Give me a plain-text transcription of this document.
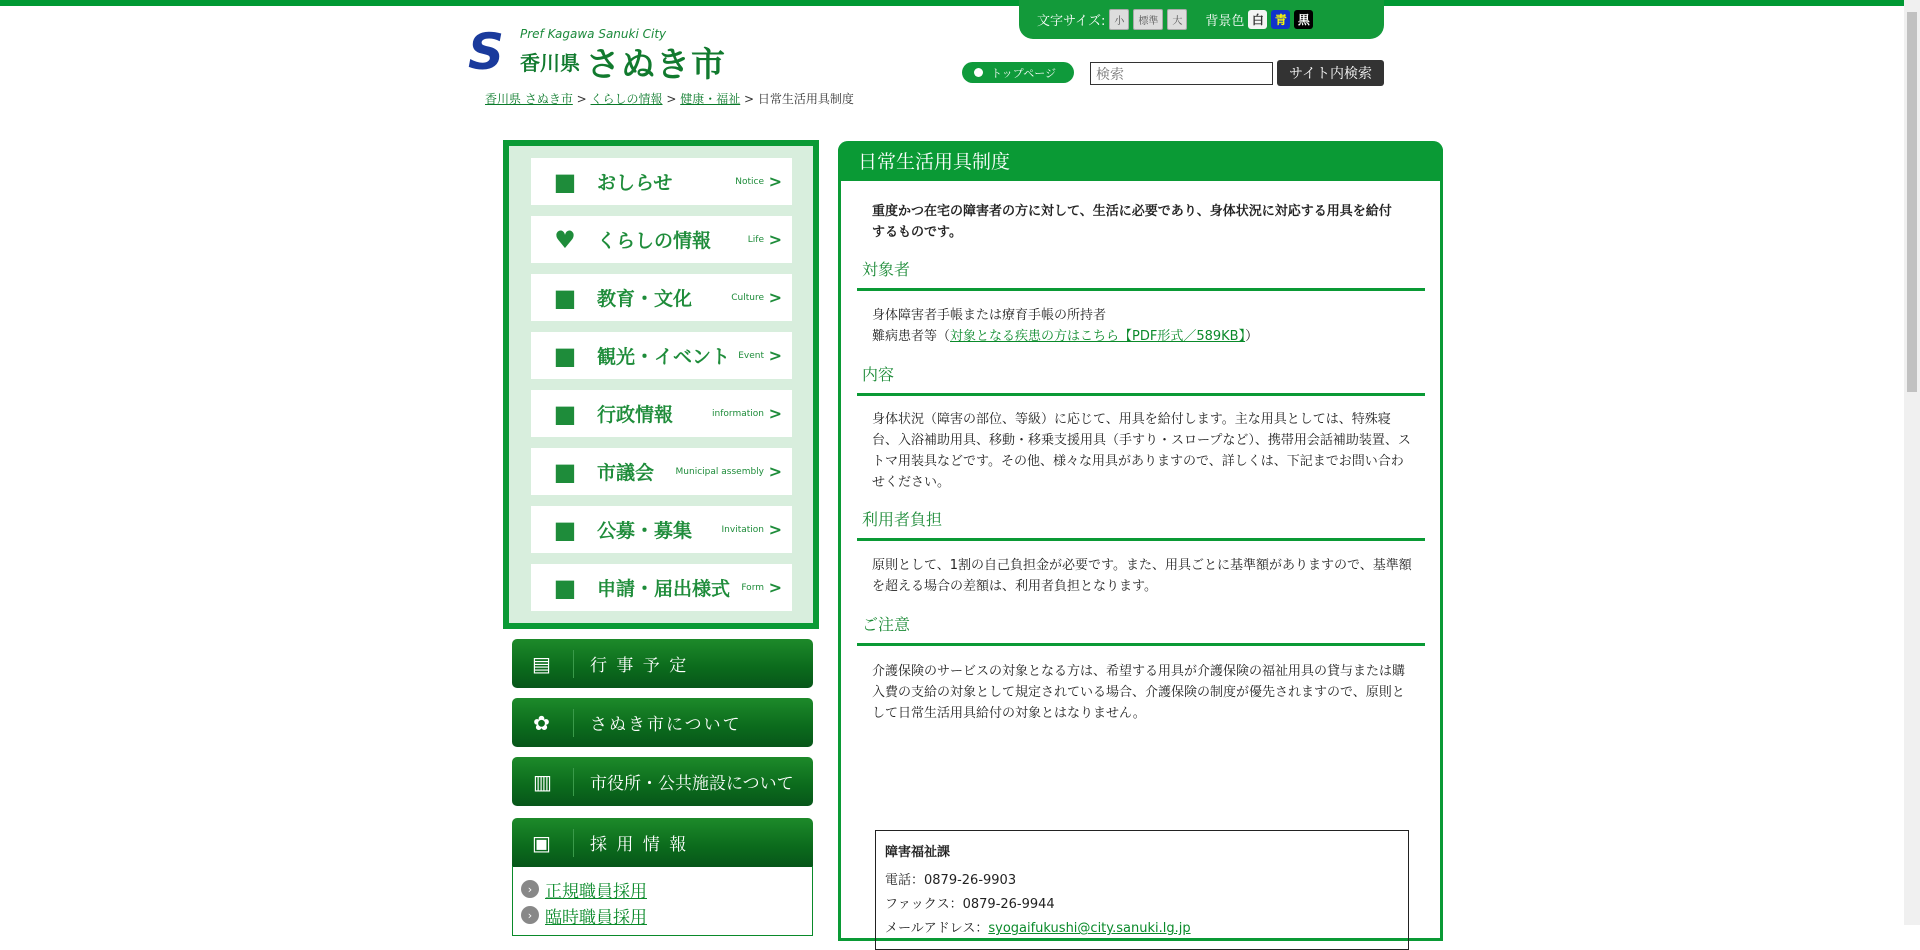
文字サイズ: 小	標準	大	背景色 白 青 黒
S	Pref Kagawa Sanuki City
香川県 さぬき市	トップページ
検索	サイト内検索
香川県 さぬき市 > くらしの情報 > 健康・福祉 > 日常生活用具制度
■	おしらせ	Notice >
♥	くらしの情報	Life >
■	教育・文化	Culture >
■	観光・イベント Event >
■	行政情報	information >
■	市議会 Municipal assembly >
■	公募・募集	Invitation >
■	申請・届出様式 Form >
▤	行 事 予 定
✿	さぬき市について
▥	市役所・公共施設について
▣	採 用 情 報
› 正規職員採用
› 臨時職員採用
日常生活用具制度
重度かつ在宅の障害者の方に対して、生活に必要であり、身体状況に対応する用具を給付するものです。
対象者
身体障害者手帳または療育手帳の所持者
難病患者等（対象となる疾患の方はこちら【PDF形式／589KB】）
内容
身体状況（障害の部位、等級）に応じて、用具を給付します。主な用具としては、特殊寝台、入浴補助用具、移動・移乗支援用具（手すり・スロープなど）、携帯用会話補助装置、ストマ用装具などです。その他、様々な用具がありますので、詳しくは、下記までお問い合わせください。
利用者負担
原則として、1割の自己負担金が必要です。また、用具ごとに基準額がありますので、基準額を超える場合の差額は、利用者負担となります。
ご注意
介護保険のサービスの対象となる方は、希望する用具が介護保険の福祉用具の貸与または購入費の支給の対象として規定されている場合、介護保険の制度が優先されますので、原則として日常生活用具給付の対象とはなりません。
障害福祉課
電話：0879-26-9903
ファックス：0879-26-9944
メールアドレス：syogaifukushi@city.sanuki.lg.jp
